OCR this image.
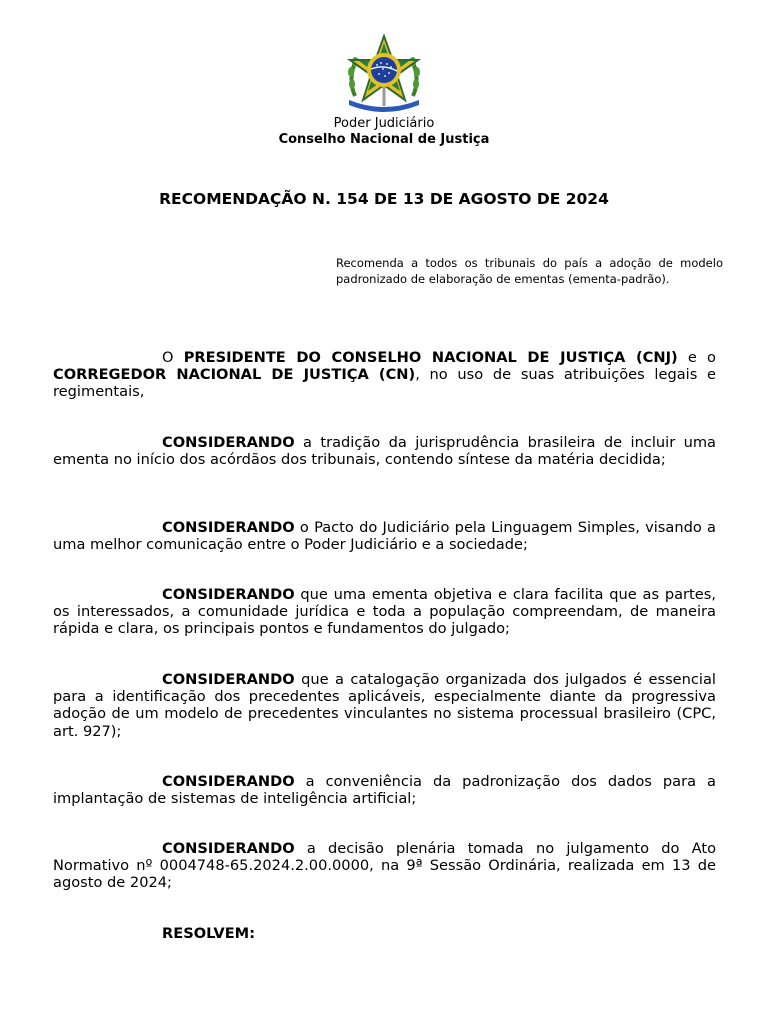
Poder Judiciário
Conselho Nacional de Justiça
RECOMENDAÇÃO N. 154 DE 13 DE AGOSTO DE 2024
Recomenda a todos os tribunais do país a adoção de modelo padronizado de elaboração de ementas (ementa-padrão).

O PRESIDENTE DO CONSELHO NACIONAL DE JUSTIÇA (CNJ) e o CORREGEDOR NACIONAL DE JUSTIÇA (CN), no uso de suas atribuições legais e regimentais,

CONSIDERANDO a tradição da jurisprudência brasileira de incluir uma ementa no início dos acórdãos dos tribunais, contendo síntese da matéria decidida;

CONSIDERANDO o Pacto do Judiciário pela Linguagem Simples, visando a uma melhor comunicação entre o Poder Judiciário e a sociedade;

CONSIDERANDO que uma ementa objetiva e clara facilita que as partes, os interessados, a comunidade jurídica e toda a população compreendam, de maneira rápida e clara, os principais pontos e fundamentos do julgado;

CONSIDERANDO que a catalogação organizada dos julgados é essencial para a identificação dos precedentes aplicáveis, especialmente diante da progressiva adoção de um modelo de precedentes vinculantes no sistema processual brasileiro (CPC, art. 927);

CONSIDERANDO a conveniência da padronização dos dados para a implantação de sistemas de inteligência artificial;

CONSIDERANDO a decisão plenária tomada no julgamento do Ato Normativo nº 0004748-65.2024.2.00.0000, na 9ª Sessão Ordinária, realizada em 13 de agosto de 2024;

RESOLVEM:
